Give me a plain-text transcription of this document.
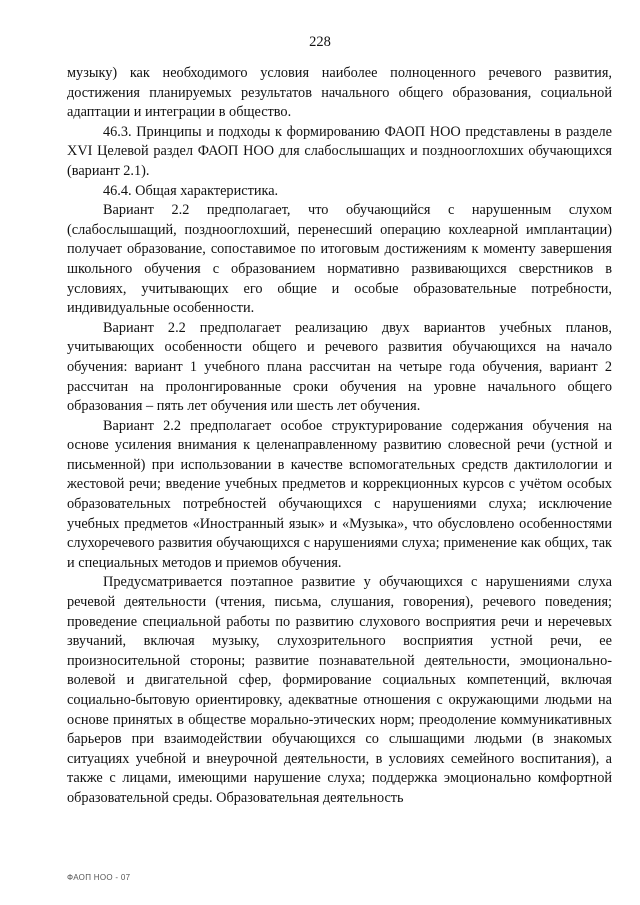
228

музыку) как необходимого условия наиболее полноценного речевого развития, достижения планируемых результатов начального общего образования, социальной адаптации и интеграции в общество.

46.3. Принципы и подходы к формированию ФАОП НОО представлены в разделе XVI Целевой раздел ФАОП НОО для слабослышащих и позднооглохших обучающихся (вариант 2.1).

46.4. Общая характеристика.

Вариант 2.2 предполагает, что обучающийся с нарушенным слухом (слабослышащий, позднооглохший, перенесший операцию кохлеарной имплантации) получает образование, сопоставимое по итоговым достижениям к моменту завершения школьного обучения с образованием нормативно развивающихся сверстников в условиях, учитывающих его общие и особые образовательные потребности, индивидуальные особенности.

Вариант 2.2 предполагает реализацию двух вариантов учебных планов, учитывающих особенности общего и речевого развития обучающихся на начало обучения: вариант 1 учебного плана рассчитан на четыре года обучения, вариант 2 рассчитан на пролонгированные сроки обучения на уровне начального общего образования – пять лет обучения или шесть лет обучения.

Вариант 2.2 предполагает особое структурирование содержания обучения на основе усиления внимания к целенаправленному развитию словесной речи (устной и письменной) при использовании в качестве вспомогательных средств дактилологии и жестовой речи; введение учебных предметов и коррекционных курсов с учётом особых образовательных потребностей обучающихся с нарушениями слуха; исключение учебных предметов «Иностранный язык» и «Музыка», что обусловлено особенностями слухоречевого развития обучающихся с нарушениями слуха; применение как общих, так и специальных методов и приемов обучения.

Предусматривается поэтапное развитие у обучающихся с нарушениями слуха речевой деятельности (чтения, письма, слушания, говорения), речевого поведения; проведение специальной работы по развитию слухового восприятия речи и неречевых звучаний, включая музыку, слухозрительного восприятия устной речи, ее произносительной стороны; развитие познавательной деятельности, эмоционально-волевой и двигательной сфер, формирование социальных компетенций, включая социально-бытовую ориентировку, адекватные отношения с окружающими людьми на основе принятых в обществе морально-этических норм; преодоление коммуникативных барьеров при взаимодействии обучающихся со слышащими людьми (в знакомых ситуациях учебной и внеурочной деятельности, в условиях семейного воспитания), а также с лицами, имеющими нарушение слуха; поддержка эмоционально комфортной образовательной среды. Образовательная деятельность

ФАОП НОО - 07
